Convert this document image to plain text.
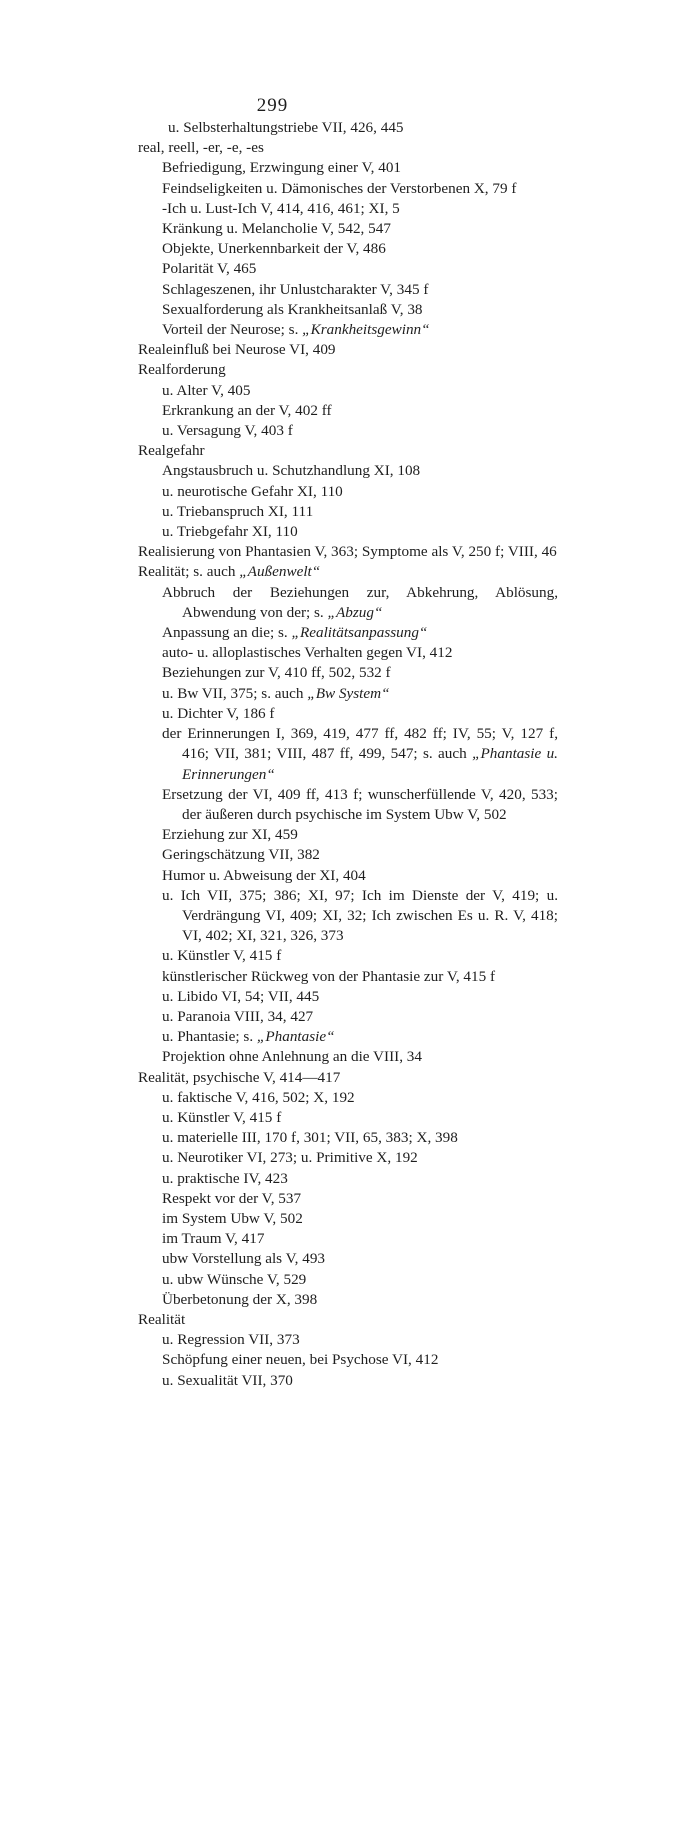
299
u. Selbsterhaltungstriebe VII, 426, 445
real, reell, -er, -e, -es
Befriedigung, Erzwingung einer V, 401
Feindseligkeiten u. Dämonisches der Verstorbenen X, 79 f
-Ich u. Lust-Ich V, 414, 416, 461; XI, 5
Kränkung u. Melancholie V, 542, 547
Objekte, Unerkennbarkeit der V, 486
Polarität V, 465
Schlageszenen, ihr Unlustcharakter V, 345 f
Sexualforderung als Krankheitsanlaß V, 38
Vorteil der Neurose; s. „Krankheitsgewinn“
Realeinfluß bei Neurose VI, 409
Realforderung
u. Alter V, 405
Erkrankung an der V, 402 ff
u. Versagung V, 403 f
Realgefahr
Angstausbruch u. Schutzhandlung XI, 108
u. neurotische Gefahr XI, 110
u. Triebanspruch XI, 111
u. Triebgefahr XI, 110
Realisierung von Phantasien V, 363; Symptome als V, 250 f; VIII, 46
Realität; s. auch „Außenwelt“
Abbruch der Beziehungen zur, Abkehrung, Ablösung, Abwendung von der; s. „Abzug“
Anpassung an die; s. „Realitätsanpassung“
auto- u. alloplastisches Verhalten gegen VI, 412
Beziehungen zur V, 410 ff, 502, 532 f
u. Bw VII, 375; s. auch „Bw System“
u. Dichter V, 186 f
der Erinnerungen I, 369, 419, 477 ff, 482 ff; IV, 55; V, 127 f, 416; VII, 381; VIII, 487 ff, 499, 547; s. auch „Phantasie u. Erinnerungen“
Ersetzung der VI, 409 ff, 413 f; wunscherfüllende V, 420, 533; der äußeren durch psychische im System Ubw V, 502
Erziehung zur XI, 459
Geringschätzung VII, 382
Humor u. Abweisung der XI, 404
u. Ich VII, 375; 386; XI, 97; Ich im Dienste der V, 419; u. Verdrängung VI, 409; XI, 32; Ich zwischen Es u. R. V, 418; VI, 402; XI, 321, 326, 373
u. Künstler V, 415 f
künstlerischer Rückweg von der Phantasie zur V, 415 f
u. Libido VI, 54; VII, 445
u. Paranoia VIII, 34, 427
u. Phantasie; s. „Phantasie“
Projektion ohne Anlehnung an die VIII, 34
Realität, psychische V, 414—417
u. faktische V, 416, 502; X, 192
u. Künstler V, 415 f
u. materielle III, 170 f, 301; VII, 65, 383; X, 398
u. Neurotiker VI, 273; u. Primitive X, 192
u. praktische IV, 423
Respekt vor der V, 537
im System Ubw V, 502
im Traum V, 417
ubw Vorstellung als V, 493
u. ubw Wünsche V, 529
Überbetonung der X, 398
Realität
u. Regression VII, 373
Schöpfung einer neuen, bei Psychose VI, 412
u. Sexualität VII, 370
